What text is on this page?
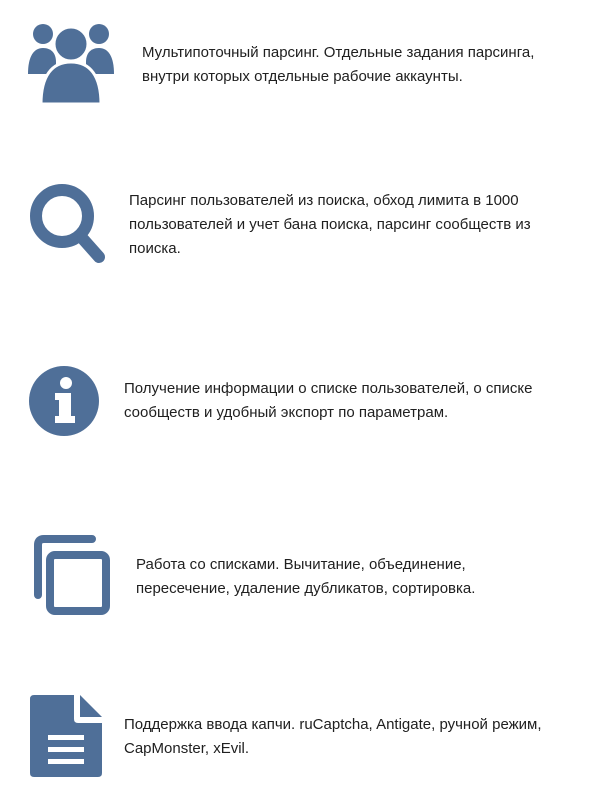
Мультипоточный парсинг. Отдельные задания парсинга,
внутри которых отдельные рабочие аккаунты.

Парсинг пользователей из поиска, обход лимита в 1000
пользователей и учет бана поиска, парсинг сообществ из
поиска.

Получение информации о списке пользователей, о списке
сообществ и удобный экспорт по параметрам.

Работа со списками. Вычитание, объединение,
пересечение, удаление дубликатов, сортировка.

Поддержка ввода капчи. ruCaptcha, Antigate, ручной режим,
CapMonster, xEvil.
